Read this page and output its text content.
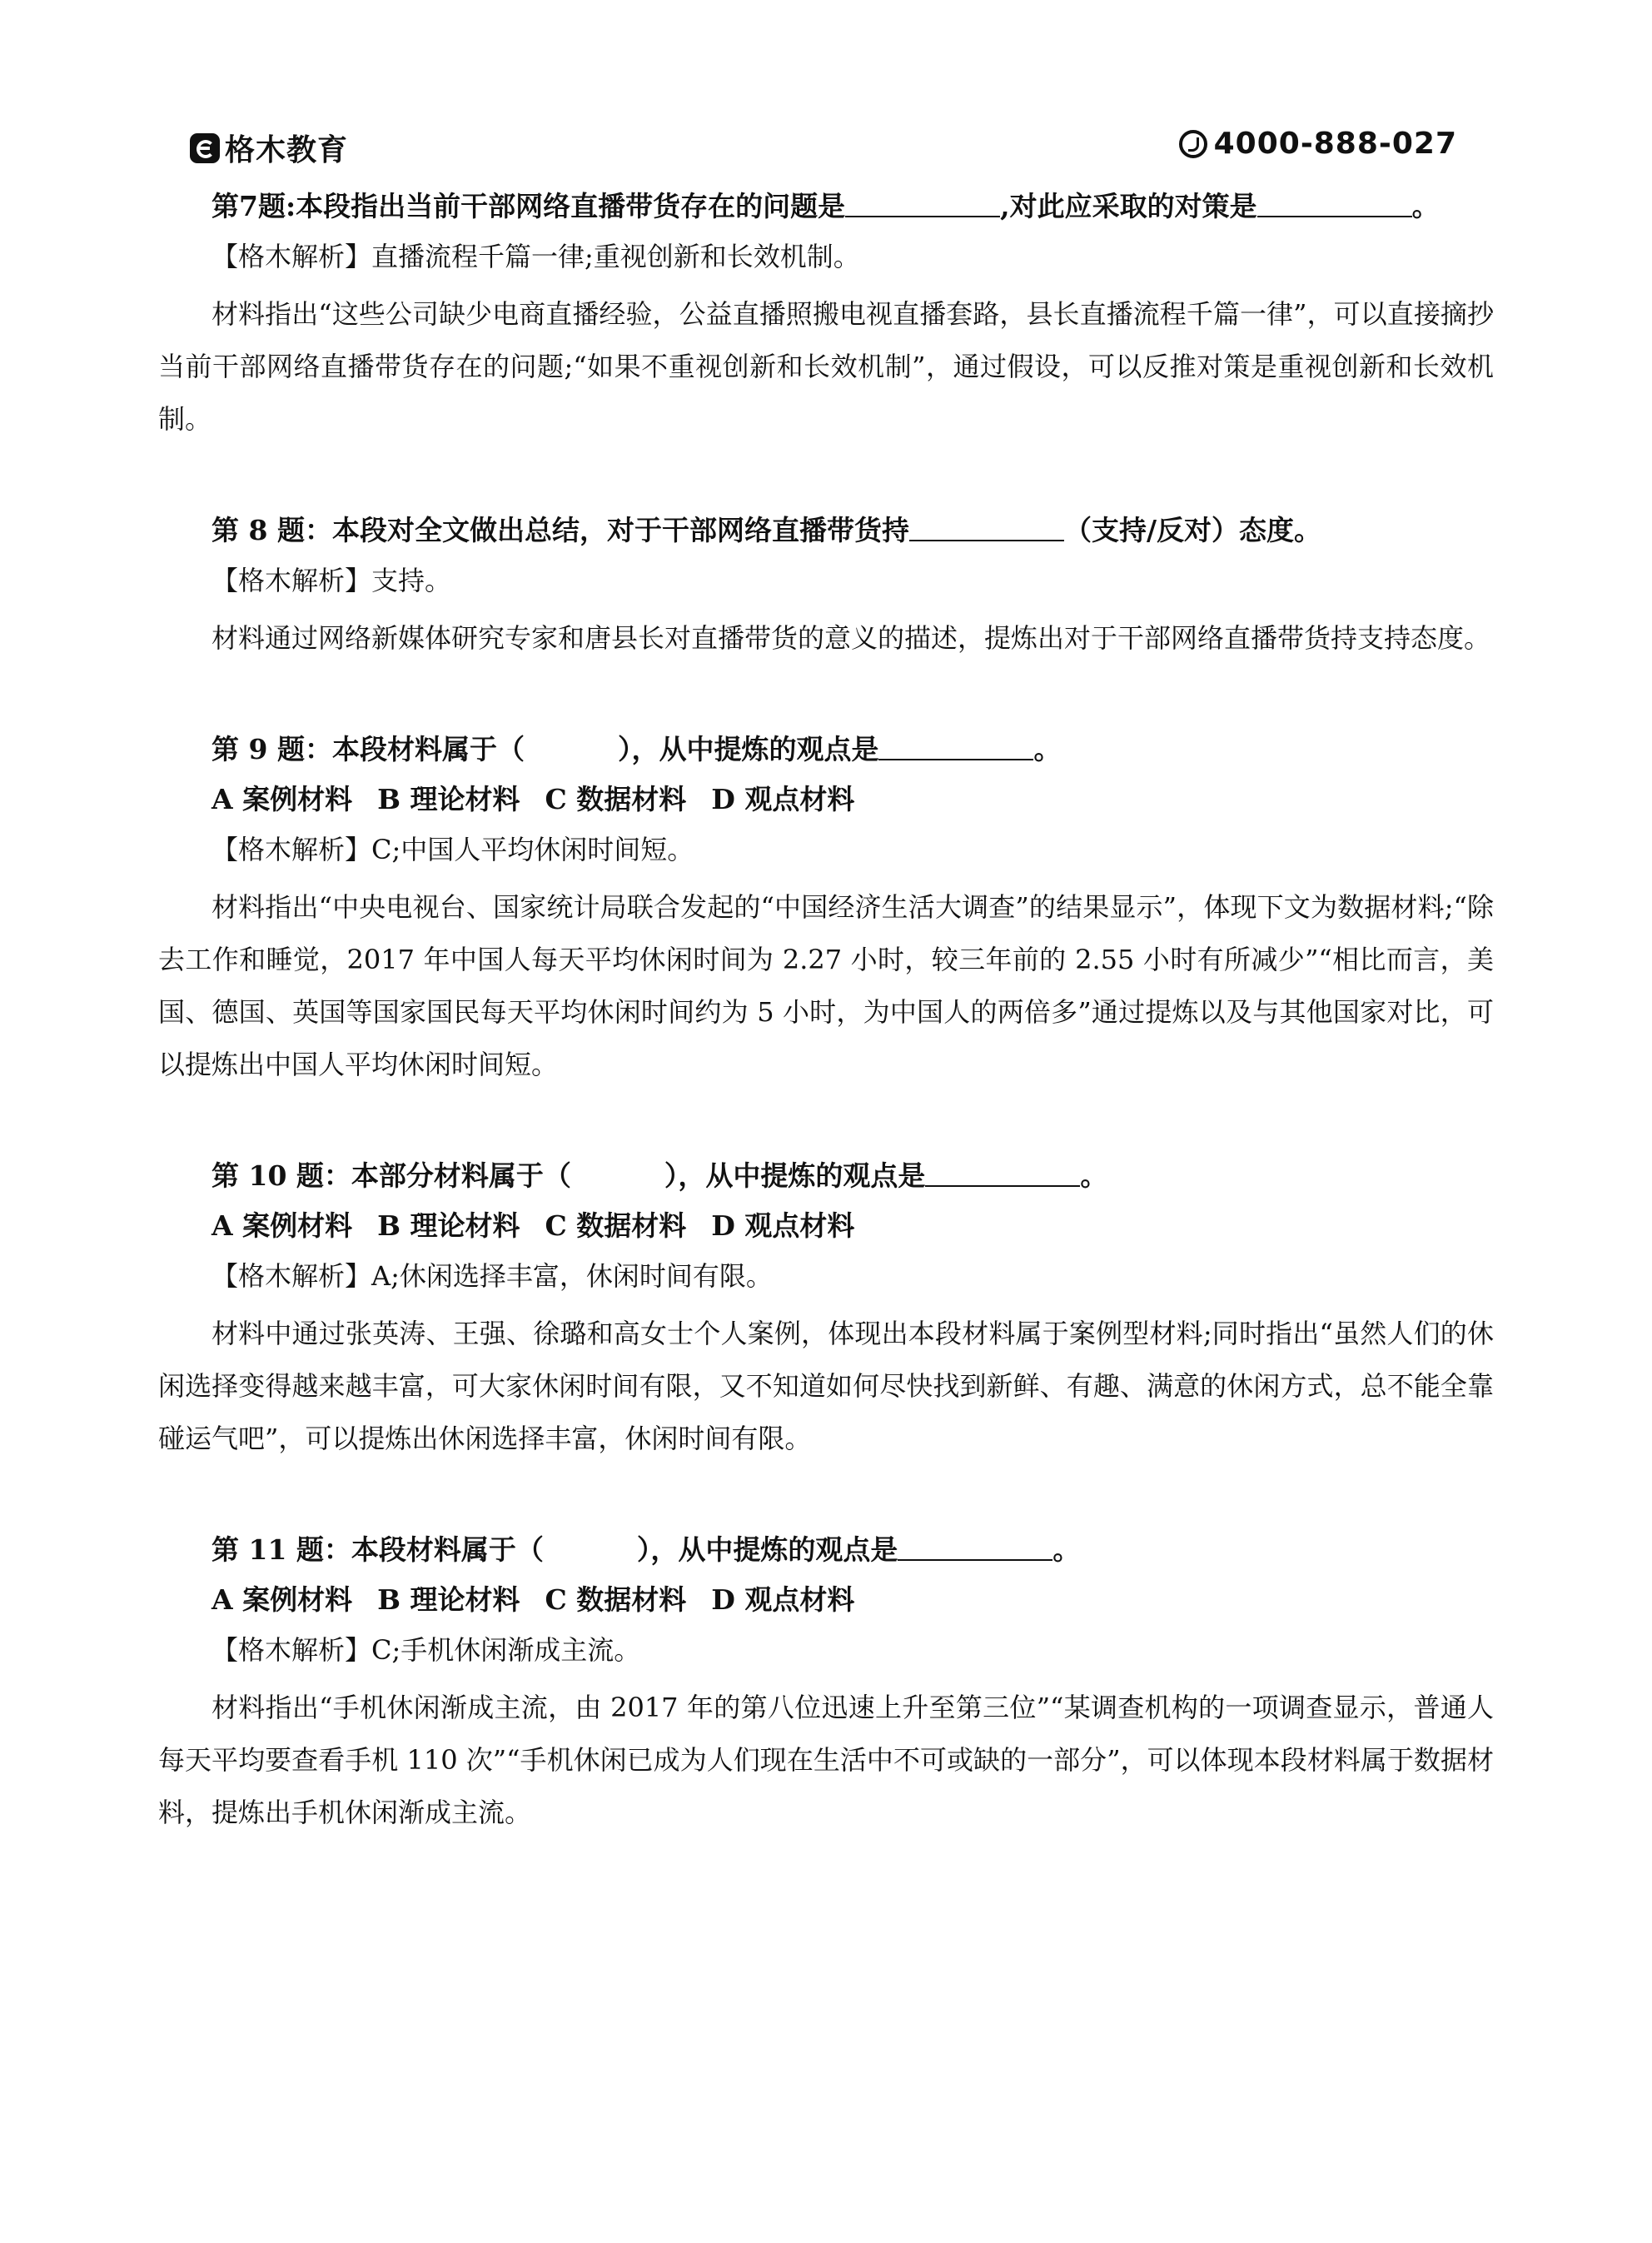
格木教育	4000-888-027
第7题:本段指出当前干部网络直播带货存在的问题是	,对此应采取的对策是	。
【格木解析】直播流程千篇一律;重视创新和长效机制。

材料指出“这些公司缺少电商直播经验，公益直播照搬电视直播套路，县长直播流程千篇一律”，可以直接摘抄当前干部网络直播带货存在的问题;“如果不重视创新和长效机制”，通过假设，可以反推对策是重视创新和长效机制。

第 8 题：本段对全文做出总结，对于干部网络直播带货持	（支持/反对）态度。
【格木解析】支持。

材料通过网络新媒体研究专家和唐县长对直播带货的意义的描述，提炼出对于干部网络直播带货持支持态度。

第 9 题：本段材料属于（	），从中提炼的观点是	。
A 案例材料 B 理论材料 C 数据材料 D 观点材料
【格木解析】C;中国人平均休闲时间短。

材料指出“中央电视台、国家统计局联合发起的“中国经济生活大调查”的结果显示”，体现下文为数据材料;“除去工作和睡觉，2017 年中国人每天平均休闲时间为 2.27 小时，较三年前的 2.55 小时有所减少”“相比而言，美国、德国、英国等国家国民每天平均休闲时间约为 5 小时，为中国人的两倍多”通过提炼以及与其他国家对比，可以提炼出中国人平均休闲时间短。

第 10 题：本部分材料属于（	），从中提炼的观点是	。
A 案例材料 B 理论材料 C 数据材料 D 观点材料
【格木解析】A;休闲选择丰富，休闲时间有限。

材料中通过张英涛、王强、徐璐和高女士个人案例，体现出本段材料属于案例型材料;同时指出“虽然人们的休闲选择变得越来越丰富，可大家休闲时间有限，又不知道如何尽快找到新鲜、有趣、满意的休闲方式，总不能全靠碰运气吧”，可以提炼出休闲选择丰富，休闲时间有限。

第 11 题：本段材料属于（	），从中提炼的观点是	。
A 案例材料 B 理论材料 C 数据材料 D 观点材料
【格木解析】C;手机休闲渐成主流。

材料指出“手机休闲渐成主流，由 2017 年的第八位迅速上升至第三位”“某调查机构的一项调查显示，普通人每天平均要查看手机 110 次”“手机休闲已成为人们现在生活中不可或缺的一部分”，可以体现本段材料属于数据材料，提炼出手机休闲渐成主流。
